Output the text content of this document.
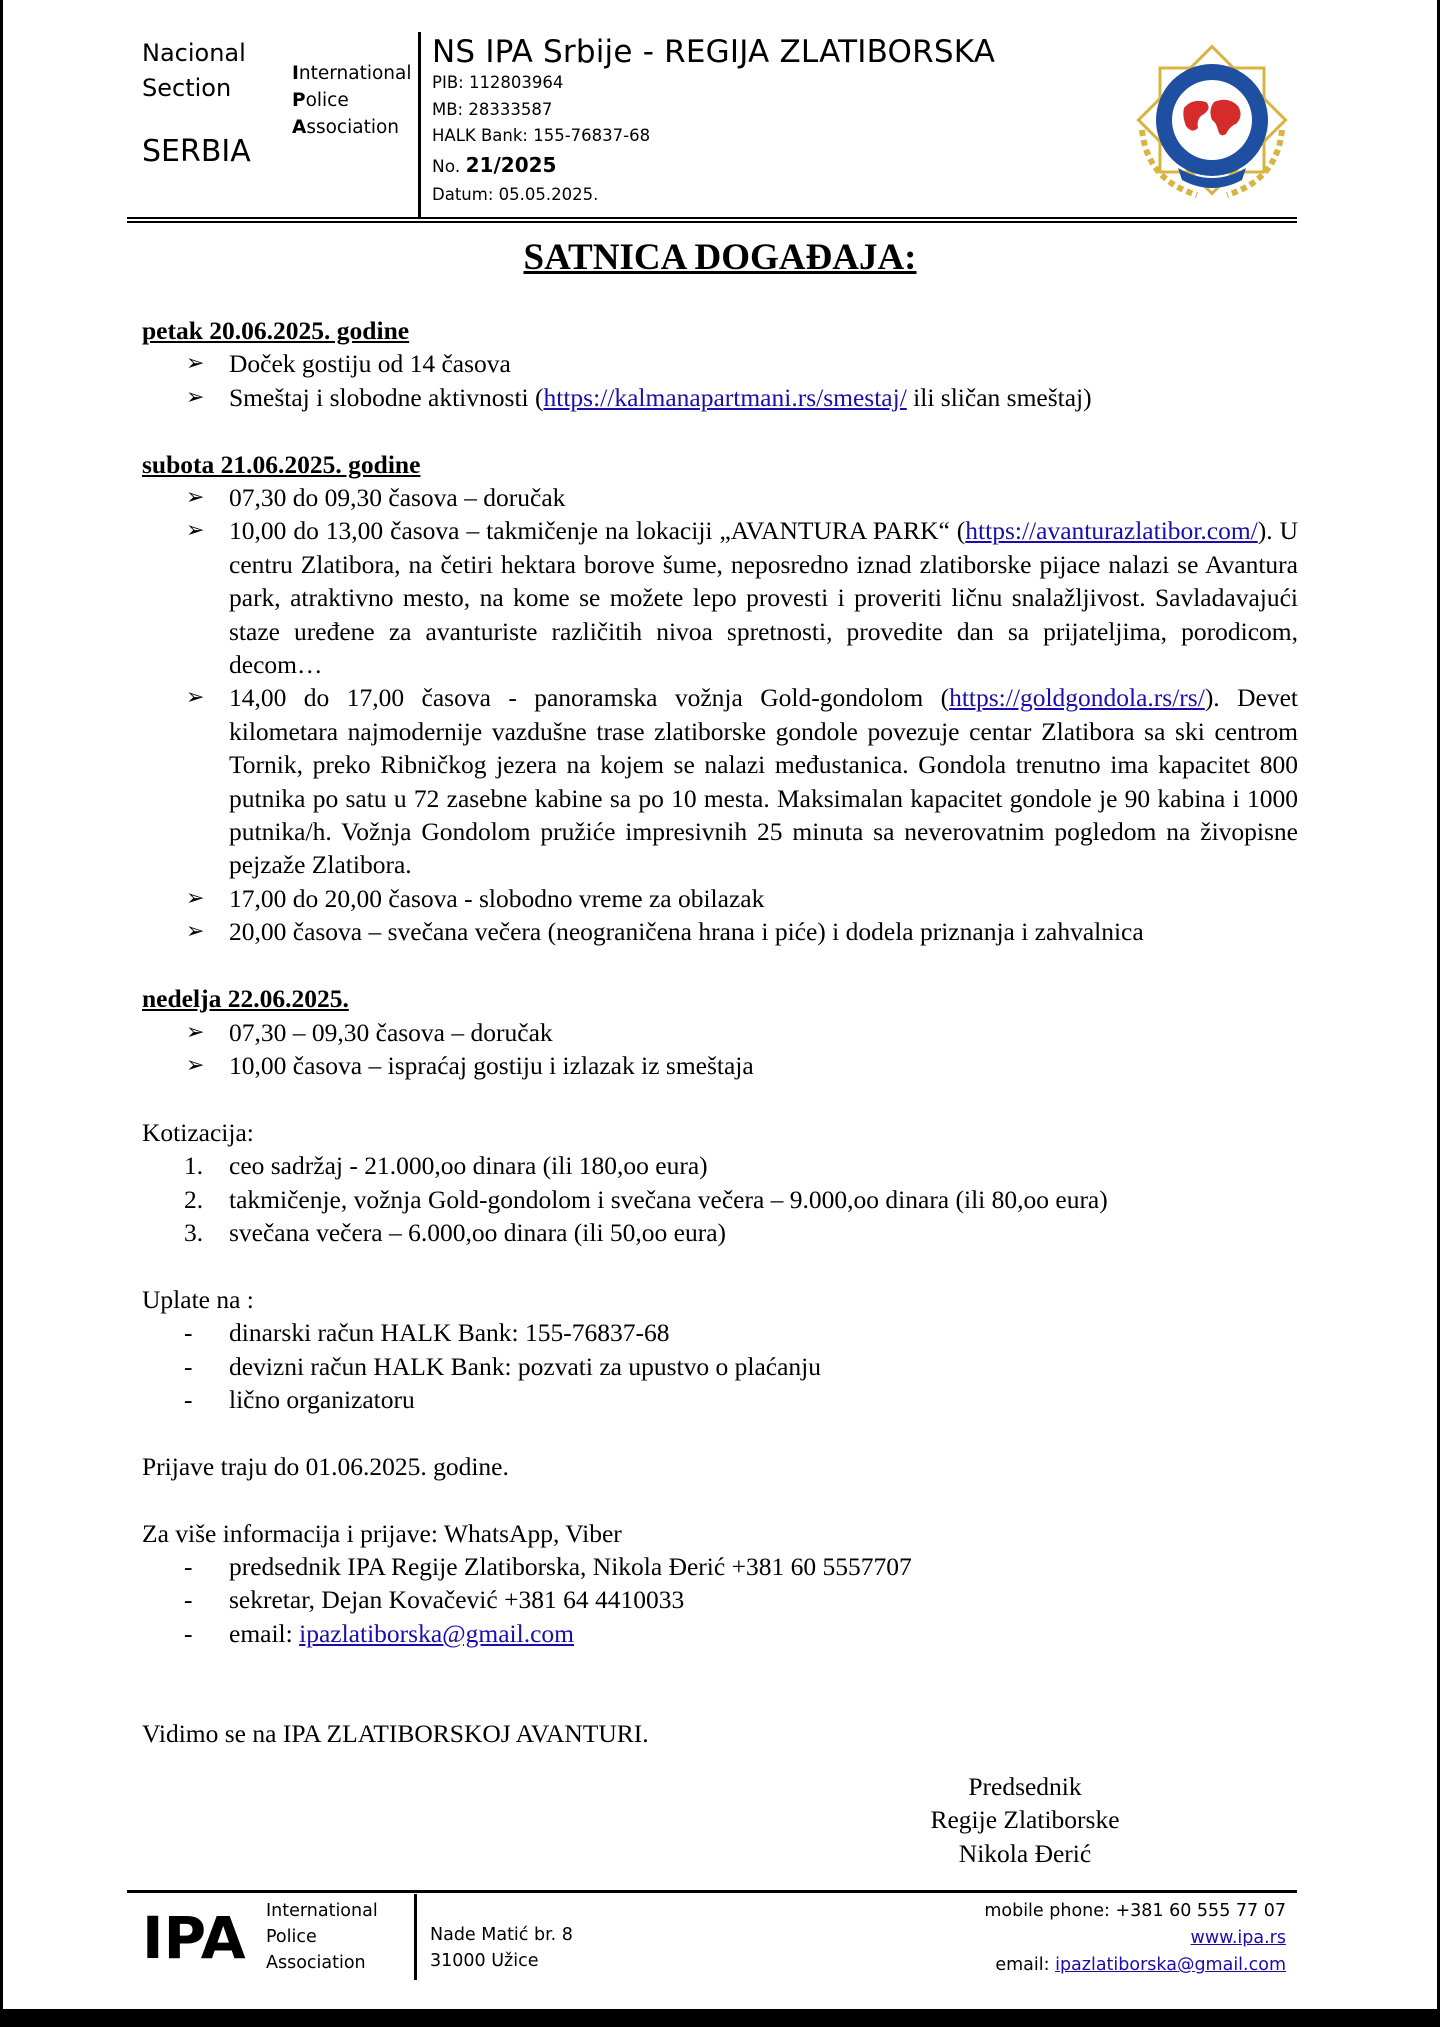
Nacional
Section
SERBIA
International
Police
Association
NS IPA Srbije - REGIJA ZLATIBORSKA
PIB: 112803964
MB: 28333587
HALK Bank: 155-76837-68
No. 21/2025
Datum: 05.05.2025.
SATNICA DOGAĐAJA:

petak 20.06.2025. godine

➢ Doček gostiju od 14 časova
➢ Smeštaj i slobodne aktivnosti (https://kalmanapartmani.rs/smestaj/ ili sličan smeštaj)

subota 21.06.2025. godine

➢ 07,30 do 09,30 časova – doručak
➢ 10,00 do 13,00 časova – takmičenje na lokaciji „AVANTURA PARK“ (https://avanturazlatibor.com/). U centru Zlatibora, na četiri hektara borove šume, neposredno iznad zlatiborske pijace nalazi se Avantura park, atraktivno mesto, na kome se možete lepo provesti i proveriti ličnu snalažljivost. Savladavajući staze uređene za avanturiste različitih nivoa spretnosti, provedite dan sa prijateljima, porodicom, decom…
➢ 14,00 do 17,00 časova - panoramska vožnja Gold-gondolom (https://goldgondola.rs/rs/). Devet kilometara najmodernije vazdušne trase zlatiborske gondole povezuje centar Zlatibora sa ski centrom Tornik, preko Ribničkog jezera na kojem se nalazi međustanica. Gondola trenutno ima kapacitet 800 putnika po satu u 72 zasebne kabine sa po 10 mesta. Maksimalan kapacitet gondole je 90 kabina i 1000 putnika/h. Vožnja Gondolom pružiće impresivnih 25 minuta sa neverovatnim pogledom na živopisne pejzaže Zlatibora.
➢ 17,00 do 20,00 časova - slobodno vreme za obilazak
➢ 20,00 časova – svečana večera (neograničena hrana i piće) i dodela priznanja i zahvalnica

nedelja 22.06.2025.

➢ 07,30 – 09,30 časova – doručak
➢ 10,00 časova – ispraćaj gostiju i izlazak iz smeštaja

Kotizacija:

1. ceo sadržaj - 21.000,oo dinara (ili 180,oo eura)
2. takmičenje, vožnja Gold-gondolom i svečana večera – 9.000,oo dinara (ili 80,oo eura)
3. svečana večera – 6.000,oo dinara (ili 50,oo eura)

Uplate na :

- dinarski račun HALK Bank: 155-76837-68
- devizni račun HALK Bank: pozvati za upustvo o plaćanju
- lično organizatoru

Prijave traju do 01.06.2025. godine.

Za više informacija i prijave: WhatsApp, Viber

- predsednik IPA Regije Zlatiborska, Nikola Đerić +381 60 5557707
- sekretar, Dejan Kovačević +381 64 4410033
- email: ipazlatiborska@gmail.com

Vidimo se na IPA ZLATIBORSKOJ AVANTURI.

Predsednik
Regije Zlatiborske
Nikola Đerić
IPA International
Police
Association
Nade Matić br. 8
31000 Užice
mobile phone: +381 60 555 77 07
www.ipa.rs
email: ipazlatiborska@gmail.com
